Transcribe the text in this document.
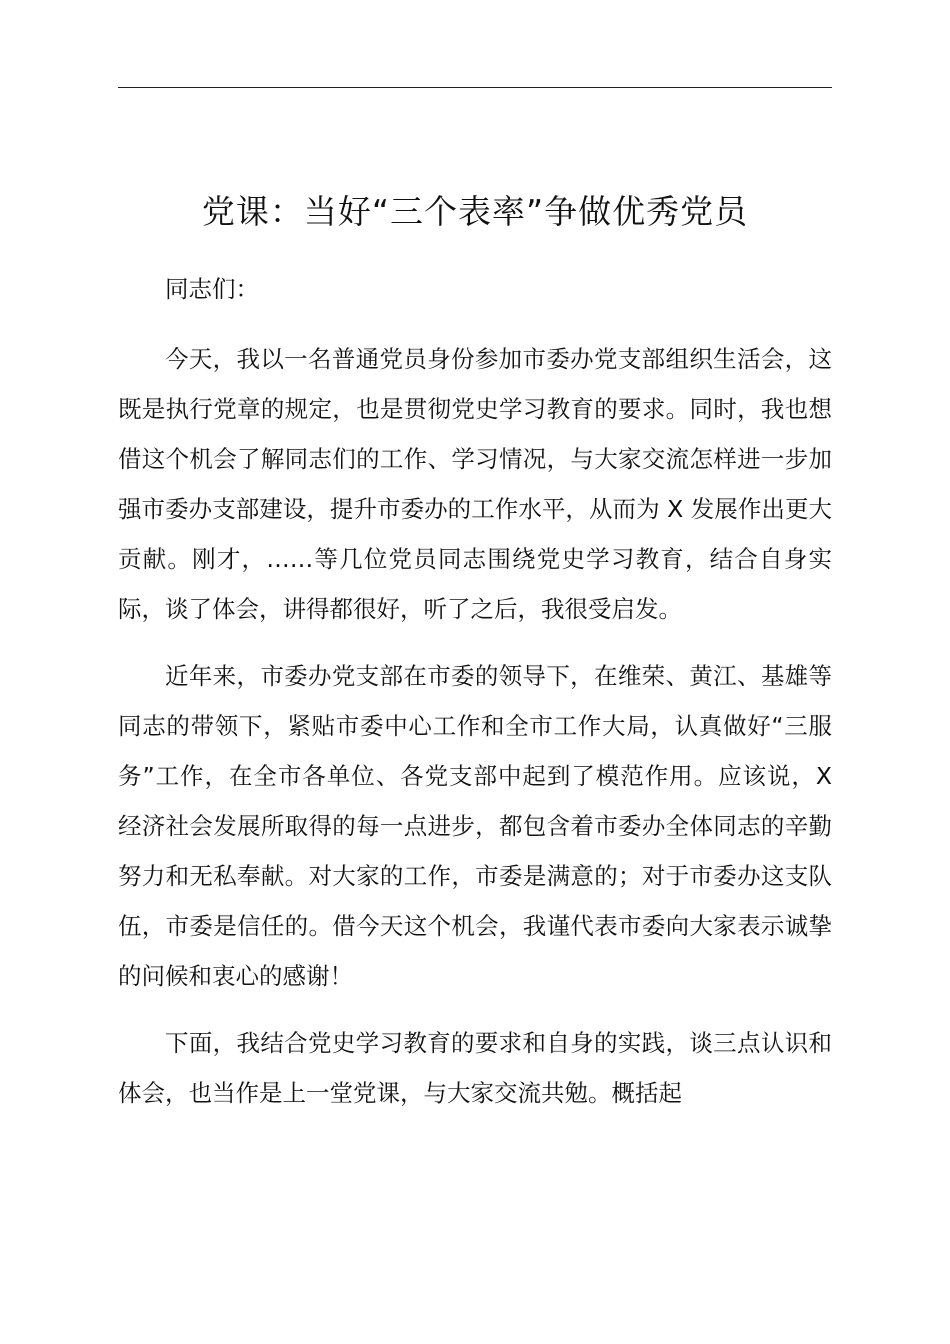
党课：当好“三个表率”争做优秀党员

同志们：

今天，我以一名普通党员身份参加市委办党支部组织生活会，这既是执行党章的规定，也是贯彻党史学习教育的要求。同时，我也想借这个机会了解同志们的工作、学习情况，与大家交流怎样进一步加强市委办支部建设，提升市委办的工作水平，从而为 X 发展作出更大贡献。刚才，……等几位党员同志围绕党史学习教育，结合自身实际，谈了体会，讲得都很好，听了之后，我很受启发。

近年来，市委办党支部在市委的领导下，在维荣、黄江、基雄等同志的带领下，紧贴市委中心工作和全市工作大局，认真做好“三服务”工作，在全市各单位、各党支部中起到了模范作用。应该说，X 经济社会发展所取得的每一点进步，都包含着市委办全体同志的辛勤努力和无私奉献。对大家的工作，市委是满意的；对于市委办这支队伍，市委是信任的。借今天这个机会，我谨代表市委向大家表示诚挚的问候和衷心的感谢！

下面，我结合党史学习教育的要求和自身的实践，谈三点认识和体会，也当作是上一堂党课，与大家交流共勉。概括起
